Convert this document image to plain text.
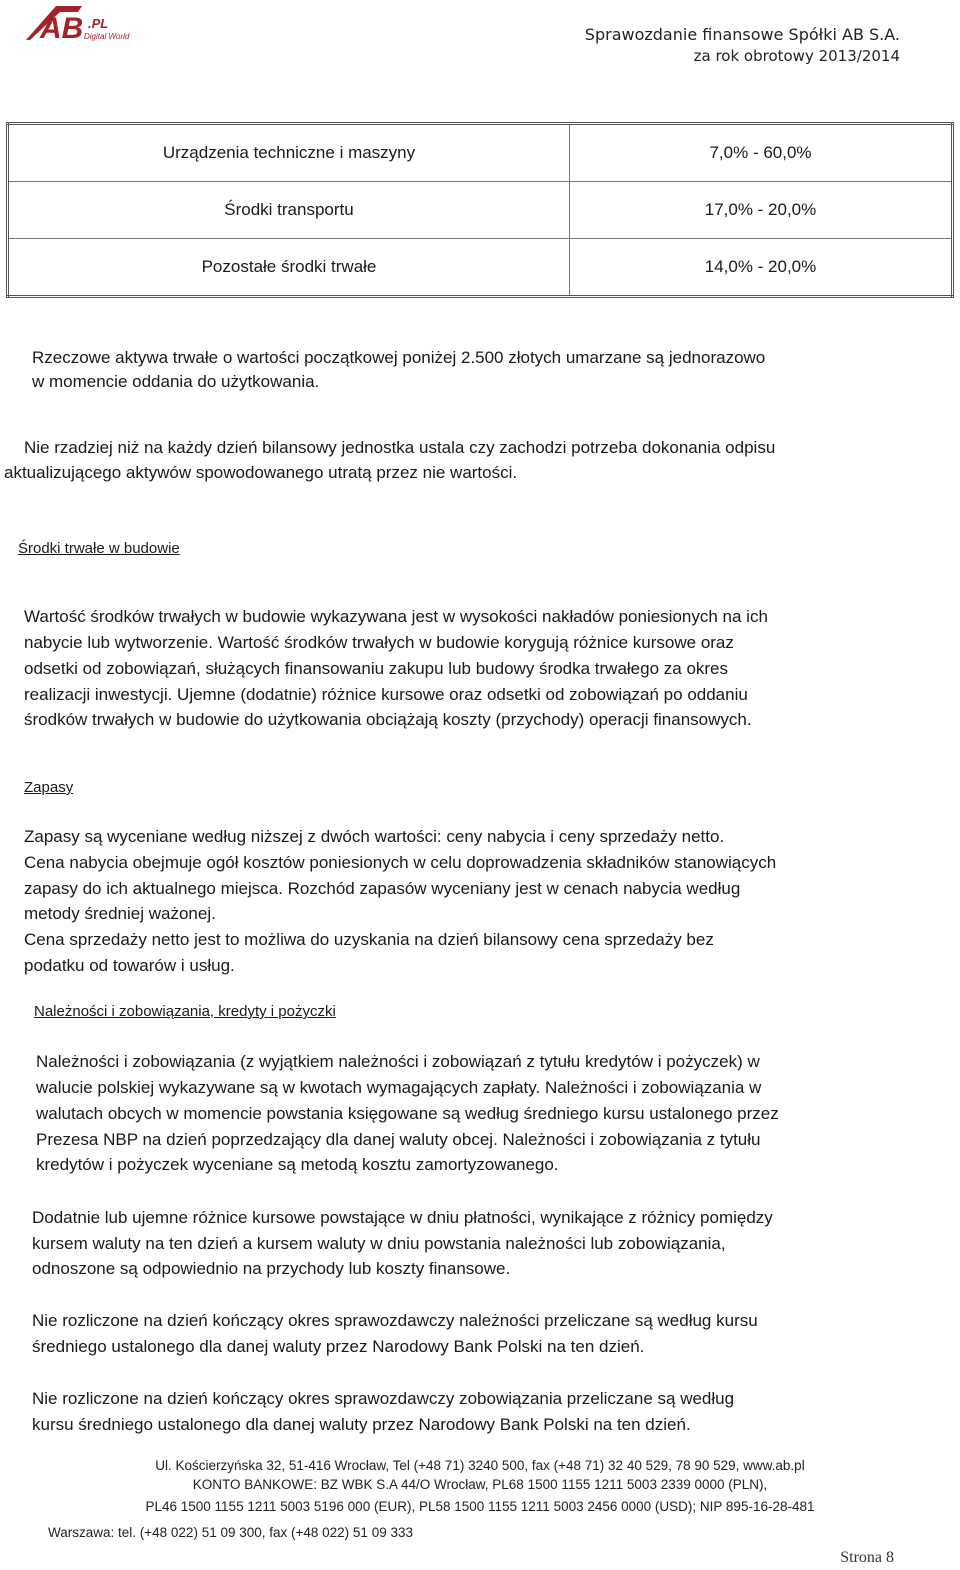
AB .PL
Digital World	Sprawozdanie finansowe Spółki AB S.A.
za rok obrotowy 2013/2014
Urządzenia techniczne i maszyny	7,0% - 60,0%
Środki transportu	17,0% - 20,0%
Pozostałe środki trwałe	14,0% - 20,0%
Rzeczowe aktywa trwałe o wartości początkowej poniżej 2.500 złotych umarzane są jednorazowo
w momencie oddania do użytkowania.
Nie rzadziej niż na każdy dzień bilansowy jednostka ustala czy zachodzi potrzeba dokonania odpisu
aktualizującego aktywów spowodowanego utratą przez nie wartości.
Środki trwałe w budowie
Wartość środków trwałych w budowie wykazywana jest w wysokości nakładów poniesionych na ich
nabycie lub wytworzenie. Wartość środków trwałych w budowie korygują różnice kursowe oraz
odsetki od zobowiązań, służących finansowaniu zakupu lub budowy środka trwałego za okres
realizacji inwestycji. Ujemne (dodatnie) różnice kursowe oraz odsetki od zobowiązań po oddaniu
środków trwałych w budowie do użytkowania obciążają koszty (przychody) operacji finansowych.
Zapasy
Zapasy są wyceniane według niższej z dwóch wartości: ceny nabycia i ceny sprzedaży netto.
Cena nabycia obejmuje ogół kosztów poniesionych w celu doprowadzenia składników stanowiących
zapasy do ich aktualnego miejsca. Rozchód zapasów wyceniany jest w cenach nabycia według
metody średniej ważonej.
Cena sprzedaży netto jest to możliwa do uzyskania na dzień bilansowy cena sprzedaży bez
podatku od towarów i usług.
Należności i zobowiązania, kredyty i pożyczki
Należności i zobowiązania (z wyjątkiem należności i zobowiązań z tytułu kredytów i pożyczek) w
walucie polskiej wykazywane są w kwotach wymagających zapłaty. Należności i zobowiązania w
walutach obcych w momencie powstania księgowane są według średniego kursu ustalonego przez
Prezesa NBP na dzień poprzedzający dla danej waluty obcej. Należności i zobowiązania z tytułu
kredytów i pożyczek wyceniane są metodą kosztu zamortyzowanego.
Dodatnie lub ujemne różnice kursowe powstające w dniu płatności, wynikające z różnicy pomiędzy
kursem waluty na ten dzień a kursem waluty w dniu powstania należności lub zobowiązania,
odnoszone są odpowiednio na przychody lub koszty finansowe.
Nie rozliczone na dzień kończący okres sprawozdawczy należności przeliczane są według kursu
średniego ustalonego dla danej waluty przez Narodowy Bank Polski na ten dzień.
Nie rozliczone na dzień kończący okres sprawozdawczy zobowiązania przeliczane są według
kursu średniego ustalonego dla danej waluty przez Narodowy Bank Polski na ten dzień.
Ul. Kościerzyńska 32, 51-416 Wrocław, Tel (+48 71) 3240 500, fax (+48 71) 32 40 529, 78 90 529, www.ab.pl
KONTO BANKOWE: BZ WBK S.A 44/O Wrocław, PL68 1500 1155 1211 5003 2339 0000 (PLN),
PL46 1500 1155 1211 5003 5196 000 (EUR), PL58 1500 1155 1211 5003 2456 0000 (USD); NIP 895-16-28-481
Warszawa: tel. (+48 022) 51 09 300, fax (+48 022) 51 09 333
Strona 8
